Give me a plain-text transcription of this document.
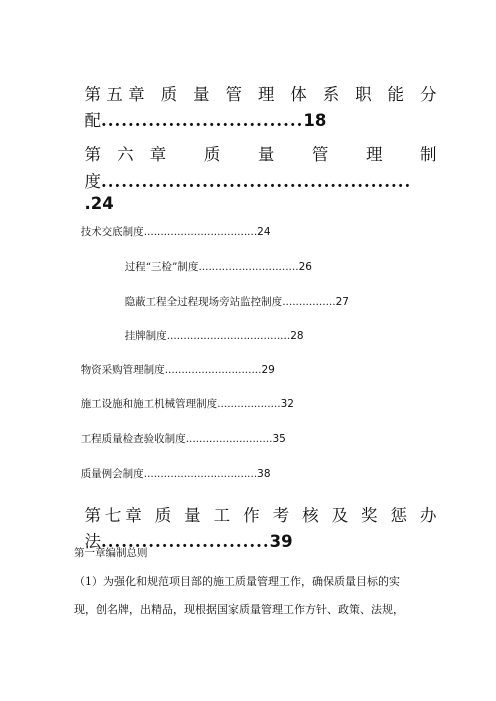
第五章 质 量 管 理 体 系 职 能 分

配..............................18

第六章 质 量 管 理 制

度..............................................

.24

技术交底制度..................................24

过程“三检”制度..............................26

隐蔽工程全过程现场旁站监控制度................27

挂牌制度.....................................28

物资采购管理制度.............................29

施工设施和施工机械管理制度...................32

工程质量检查验收制度..........................35

质量例会制度..................................38

第七章 质 量 工 作 考 核 及 奖 惩 办

法.........................39

第一章编制总则
（1）为强化和规范项目部的施工质量管理工作，确保质量目标的实
现，创名牌，出精品，现根据国家质量管理工作方针、政策、法规，
